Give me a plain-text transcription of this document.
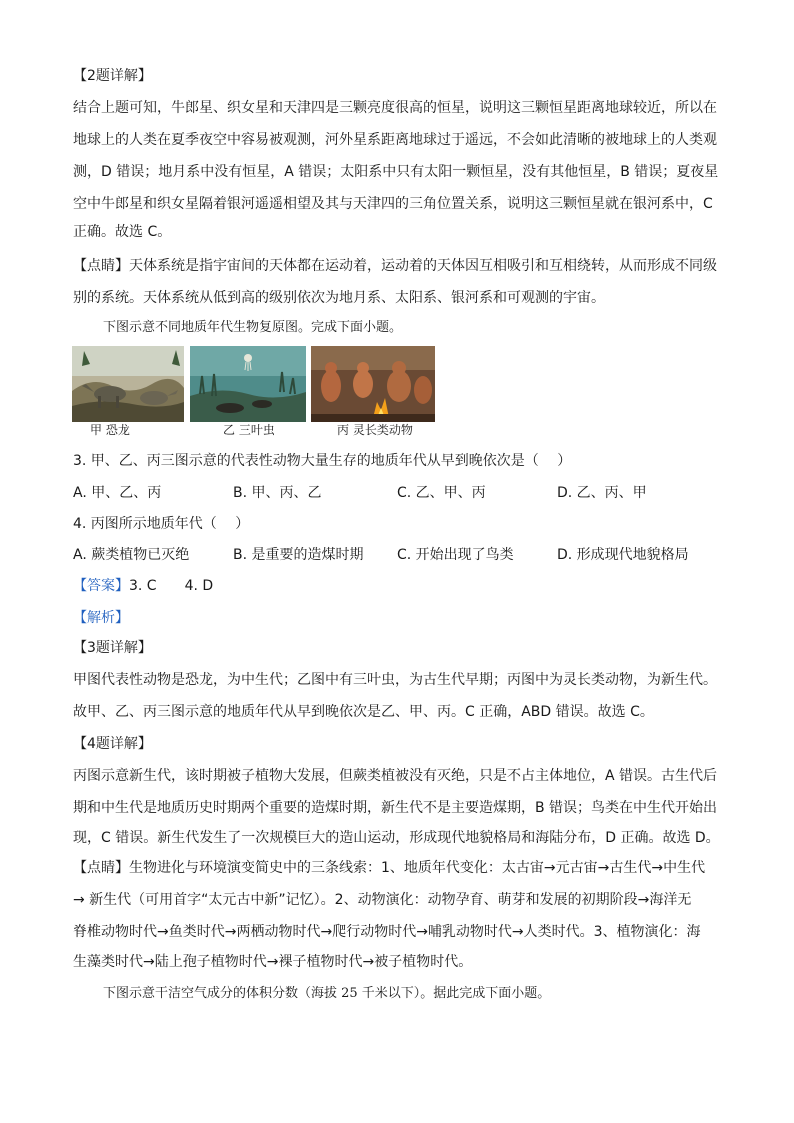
【2题详解】
结合上题可知，牛郎星、织女星和天津四是三颗亮度很高的恒星，说明这三颗恒星距离地球较近，所以在
地球上的人类在夏季夜空中容易被观测，河外星系距离地球过于遥远，不会如此清晰的被地球上的人类观
测，D 错误；地月系中没有恒星，A 错误；太阳系中只有太阳一颗恒星，没有其他恒星，B 错误；夏夜星
空中牛郎星和织女星隔着银河遥遥相望及其与天津四的三角位置关系，说明这三颗恒星就在银河系中，C
正确。故选 C。
【点睛】天体系统是指宇宙间的天体都在运动着，运动着的天体因互相吸引和互相绕转，从而形成不同级
别的系统。天体系统从低到高的级别依次为地月系、太阳系、银河系和可观测的宇宙。
下图示意不同地质年代生物复原图。完成下面小题。
甲 恐龙	乙 三叶虫	丙 灵长类动物
3. 甲、乙、丙三图示意的代表性动物大量生存的地质年代从早到晚依次是（　 ）
A. 甲、乙、丙	B. 甲、丙、乙	C. 乙、甲、丙	D. 乙、丙、甲
4. 丙图所示地质年代（　 ）
A. 蕨类植物已灭绝	B. 是重要的造煤时期 C. 开始出现了鸟类	D. 形成现代地貌格局
【答案】3. C　　4. D
【解析】
【3题详解】
甲图代表性动物是恐龙，为中生代；乙图中有三叶虫，为古生代早期；丙图中为灵长类动物，为新生代。
故甲、乙、丙三图示意的地质年代从早到晚依次是乙、甲、丙。C 正确，ABD 错误。故选 C。
【4题详解】
丙图示意新生代，该时期被子植物大发展，但蕨类植被没有灭绝，只是不占主体地位，A 错误。古生代后
期和中生代是地质历史时期两个重要的造煤时期，新生代不是主要造煤期，B 错误；鸟类在中生代开始出
现，C 错误。新生代发生了一次规模巨大的造山运动，形成现代地貌格局和海陆分布，D 正确。故选 D。
【点睛】生物进化与环境演变简史中的三条线索：1、地质年代变化：太古宙→元古宙→古生代→中生代
→ 新生代（可用首字“太元古中新”记忆）。2、动物演化：动物孕育、萌芽和发展的初期阶段→海洋无
脊椎动物时代→鱼类时代→两栖动物时代→爬行动物时代→哺乳动物时代→人类时代。3、植物演化：海
生藻类时代→陆上孢子植物时代→裸子植物时代→被子植物时代。
下图示意干洁空气成分的体积分数（海拔 25 千米以下）。据此完成下面小题。
